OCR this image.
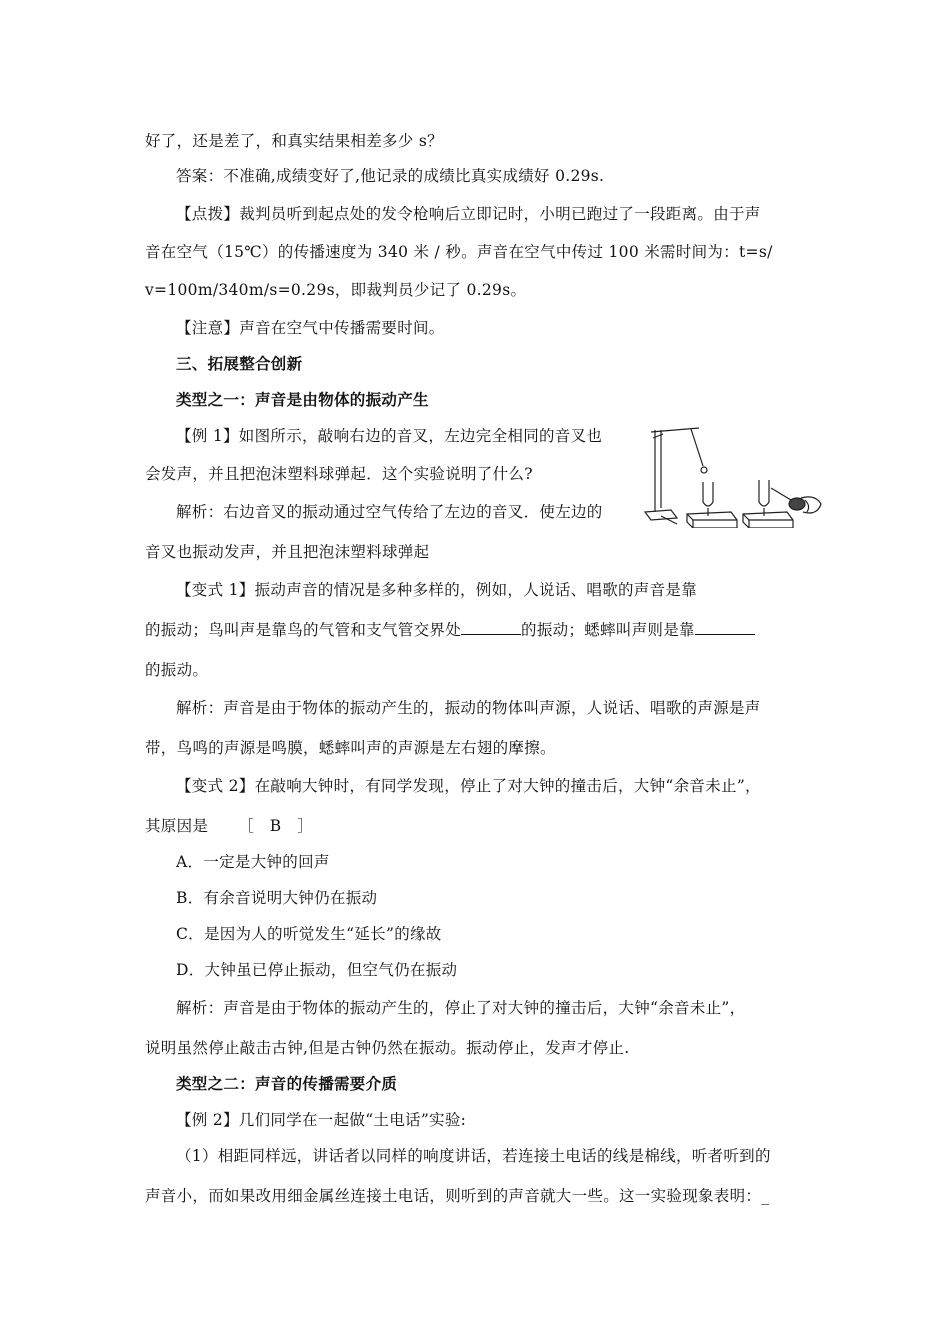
好了，还是差了，和真实结果相差多少 s？
答案：不准确,成绩变好了,他记录的成绩比真实成绩好 0.29s.
【点拨】裁判员听到起点处的发令枪响后立即记时，小明已跑过了一段距离。由于声
音在空气（15℃）的传播速度为 340 米 / 秒。声音在空气中传过 100 米需时间为：t=s/
v=100m/340m/s=0.29s，即裁判员少记了 0.29s。
【注意】声音在空气中传播需要时间。
三、拓展整合创新
类型之一：声音是由物体的振动产生
【例 1】如图所示，敲响右边的音叉，左边完全相同的音叉也
会发声，并且把泡沫塑料球弹起．这个实验说明了什么?
解析：右边音叉的振动通过空气传给了左边的音叉．使左边的
音叉也振动发声，并且把泡沫塑料球弹起
【变式 1】振动声音的情况是多种多样的，例如，人说话、唱歌的声音是靠
的振动；鸟叫声是靠鸟的气管和支气管交界处	的振动；蟋蟀叫声则是靠
的振动。
解析：声音是由于物体的振动产生的，振动的物体叫声源，人说话、唱歌的声源是声
带，鸟鸣的声源是鸣膜，蟋蟀叫声的声源是左右翅的摩擦。
【变式 2】在敲响大钟时，有同学发现，停止了对大钟的撞击后，大钟“余音未止”，
其原因是 ［　B　］
A．一定是大钟的回声
B．有余音说明大钟仍在振动
C．是因为人的听觉发生“延长”的缘故
D．大钟虽已停止振动，但空气仍在振动
解析：声音是由于物体的振动产生的，停止了对大钟的撞击后，大钟“余音未止”，
说明虽然停止敲击古钟,但是古钟仍然在振动。振动停止，发声才停止.
类型之二：声音的传播需要介质
【例 2】几们同学在一起做“土电话”实验:
（1）相距同样远，讲话者以同样的响度讲话，若连接土电话的线是棉线，听者听到的
声音小，而如果改用细金属丝连接土电话，则听到的声音就大一些。这一实验现象表明：_
